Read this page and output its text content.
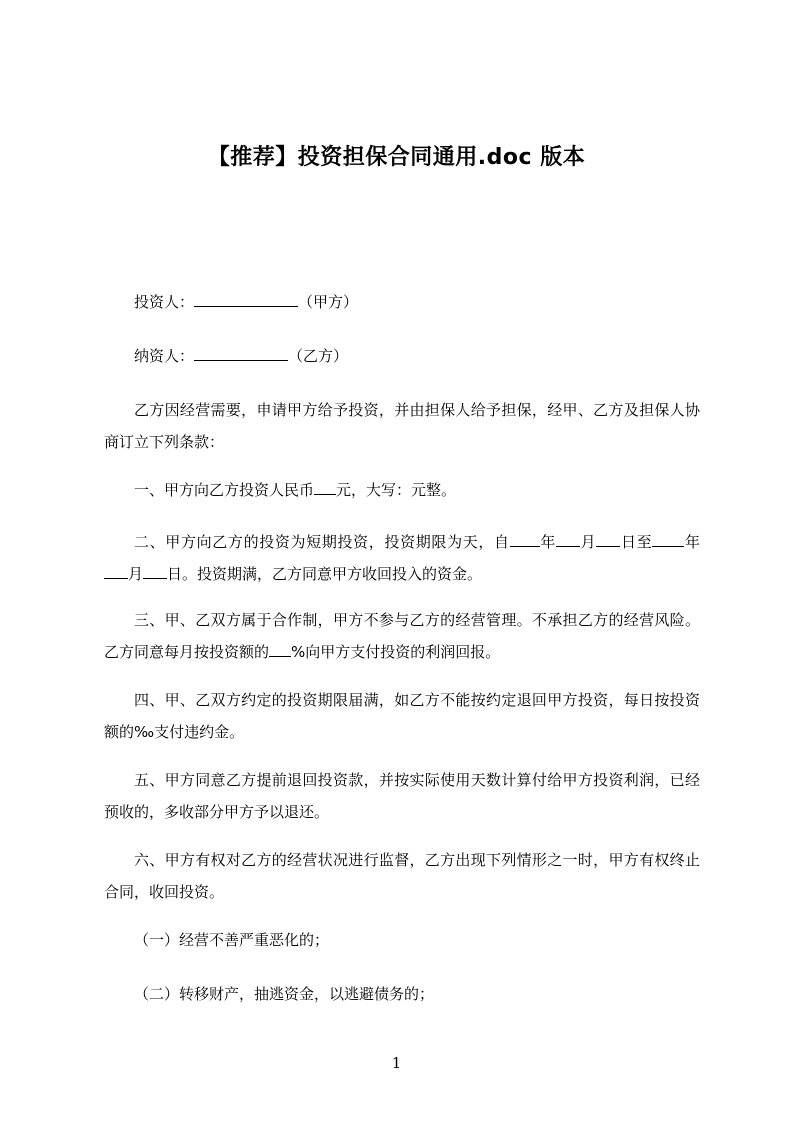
【推荐】投资担保合同通用.doc 版本
投资人：	（甲方）
纳资人：	（乙方）
乙方因经营需要，申请甲方给予投资，并由担保人给予担保，经甲、乙方及担保人协商订立下列条款：
一、甲方向乙方投资人民币 元，大写：元整。
二、甲方向乙方的投资为短期投资，投资期限为天，自 年 月 日至 年月 日。投资期满，乙方同意甲方收回投入的资金。
三、甲、乙双方属于合作制，甲方不参与乙方的经营管理。不承担乙方的经营风险。乙方同意每月按投资额的 %向甲方支付投资的利润回报。
四、甲、乙双方约定的投资期限届满，如乙方不能按约定退回甲方投资，每日按投资额的‰支付违约金。
五、甲方同意乙方提前退回投资款，并按实际使用天数计算付给甲方投资利润，已经预收的，多收部分甲方予以退还。
六、甲方有权对乙方的经营状况进行监督，乙方出现下列情形之一时，甲方有权终止合同，收回投资。
（一）经营不善严重恶化的；
（二）转移财产，抽逃资金，以逃避债务的；
1
